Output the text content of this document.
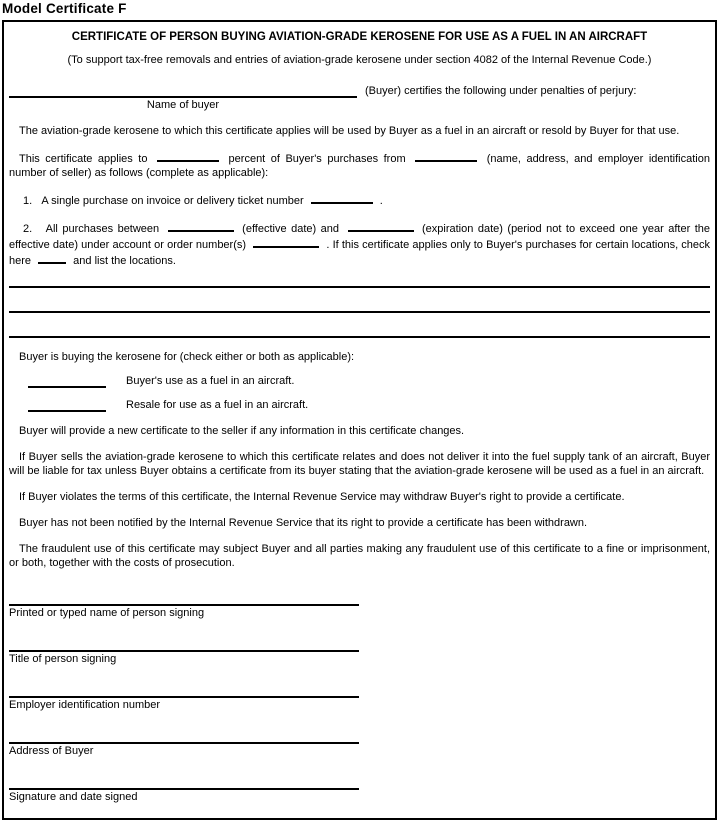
Model Certificate F
CERTIFICATE OF PERSON BUYING AVIATION-GRADE KEROSENE FOR USE AS A FUEL IN AN AIRCRAFT
(To support tax-free removals and entries of aviation-grade kerosene under section 4082 of the Internal Revenue Code.)
(Buyer) certifies the following under penalties of perjury:
Name of buyer

The aviation-grade kerosene to which this certificate applies will be used by Buyer as a fuel in an aircraft or resold by Buyer for that use.

This certificate applies to	percent of Buyer's purchases from	(name, address, and employer identification number of seller) as follows (complete as applicable):

1.   A single purchase on invoice or delivery ticket number	.

2.   All purchases between	(effective date) and	(expiration date) (period not to exceed one year after the effective date) under account or order number(s)	. If this certificate applies only to Buyer's purchases for certain locations, check here	and list the locations.

Buyer is buying the kerosene for (check either or both as applicable):

Buyer's use as a fuel in an aircraft.
Resale for use as a fuel in an aircraft.

Buyer will provide a new certificate to the seller if any information in this certificate changes.

If Buyer sells the aviation-grade kerosene to which this certificate relates and does not deliver it into the fuel supply tank of an aircraft, Buyer will be liable for tax unless Buyer obtains a certificate from its buyer stating that the aviation-grade kerosene will be used as a fuel in an aircraft.

If Buyer violates the terms of this certificate, the Internal Revenue Service may withdraw Buyer's right to provide a certificate.

Buyer has not been notified by the Internal Revenue Service that its right to provide a certificate has been withdrawn.

The fraudulent use of this certificate may subject Buyer and all parties making any fraudulent use of this certificate to a fine or imprisonment, or both, together with the costs of prosecution.

Printed or typed name of person signing
Title of person signing
Employer identification number
Address of Buyer
Signature and date signed
